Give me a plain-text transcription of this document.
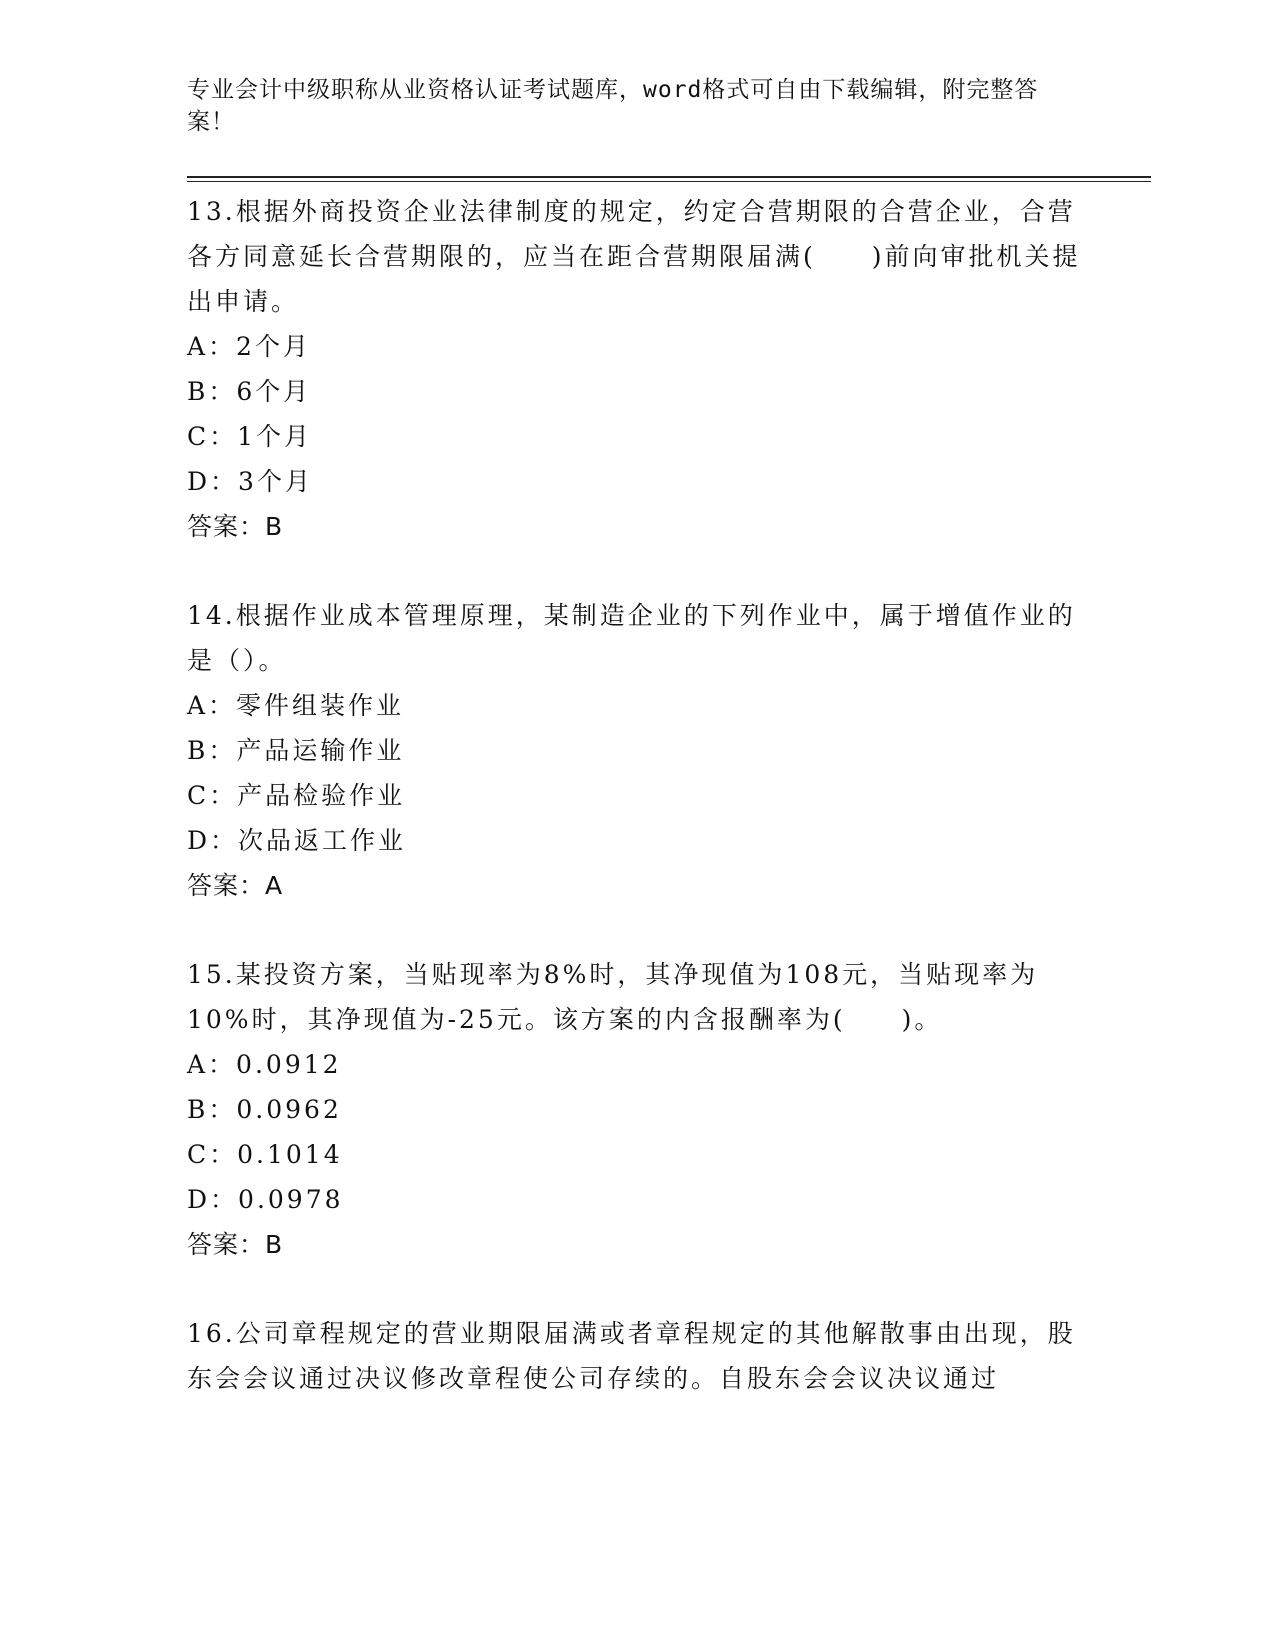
专业会计中级职称从业资格认证考试题库，word格式可自由下载编辑，附完整答案！
13.根据外商投资企业法律制度的规定，约定合营期限的合营企业，合营各方同意延长合营期限的，应当在距合营期限届满(　　)前向审批机关提出申请。
A：2个月
B：6个月
C：1个月
D：3个月
答案：B
14.根据作业成本管理原理，某制造企业的下列作业中，属于增值作业的是（）。
A：零件组装作业
B：产品运输作业
C：产品检验作业
D：次品返工作业
答案：A
15.某投资方案，当贴现率为8%时，其净现值为108元，当贴现率为10%时，其净现值为-25元。该方案的内含报酬率为(　　)。
A：0.0912
B：0.0962
C：0.1014
D：0.0978
答案：B
16.公司章程规定的营业期限届满或者章程规定的其他解散事由出现，股东会会议通过决议修改章程使公司存续的。自股东会会议决议通过
